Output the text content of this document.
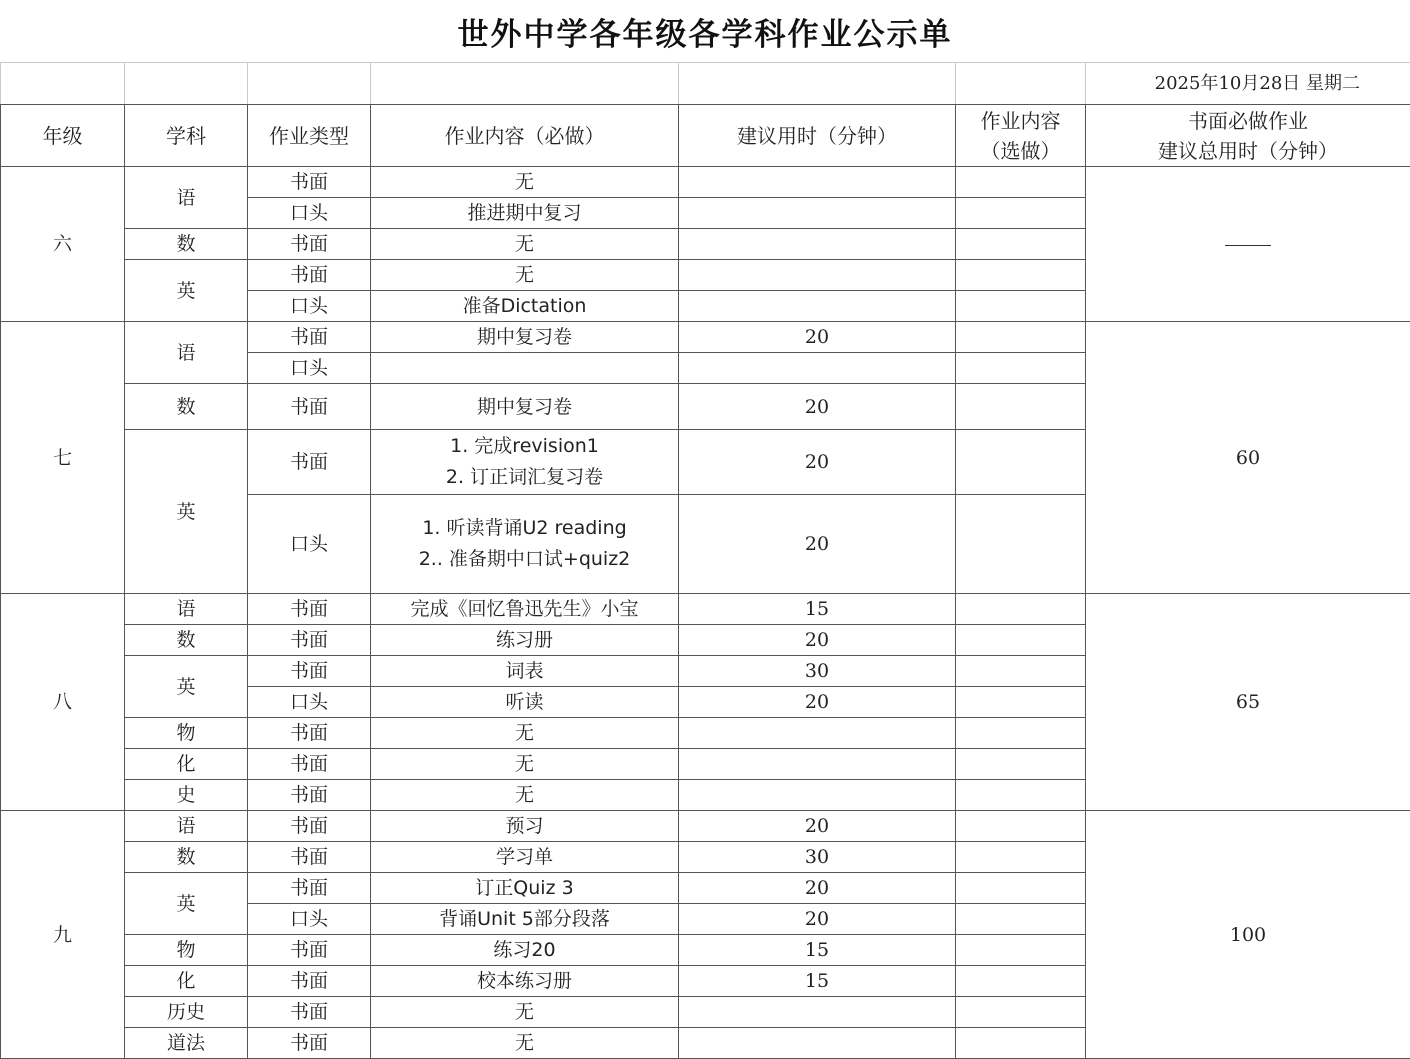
世外中学各年级各学科作业公示单
						2025年10月28日 星期二
年级	学科	作业类型	作业内容（必做）	建议用时（分钟）	作业内容
（选做）	书面必做作业
建议总用时（分钟）

六	语	书面	无			
		口头	推进期中复习			
	数	书面	无			
	英	书面	无			
		口头	准备Dictation			
七	语	书面	期中复习卷	20		60
		口头				
	数	书面	期中复习卷	20		
	英	书面	1. 完成revision1
2. 订正词汇复习卷	20		
		口头	1. 听读背诵U2 reading
2.. 准备期中口试+quiz2	20		
八	语	书面	完成《回忆鲁迅先生》小宝	15		65
	数	书面	练习册	20		
	英	书面	词表	30		
		口头	听读	20		
	物	书面	无			
	化	书面	无			
	史	书面	无			
九	语	书面	预习	20		100
	数	书面	学习单	30		
	英	书面	订正Quiz 3	20		
		口头	背诵Unit 5部分段落	20		
	物	书面	练习20	15		
	化	书面	校本练习册	15		
	历史	书面	无			
	道法	书面	无			
